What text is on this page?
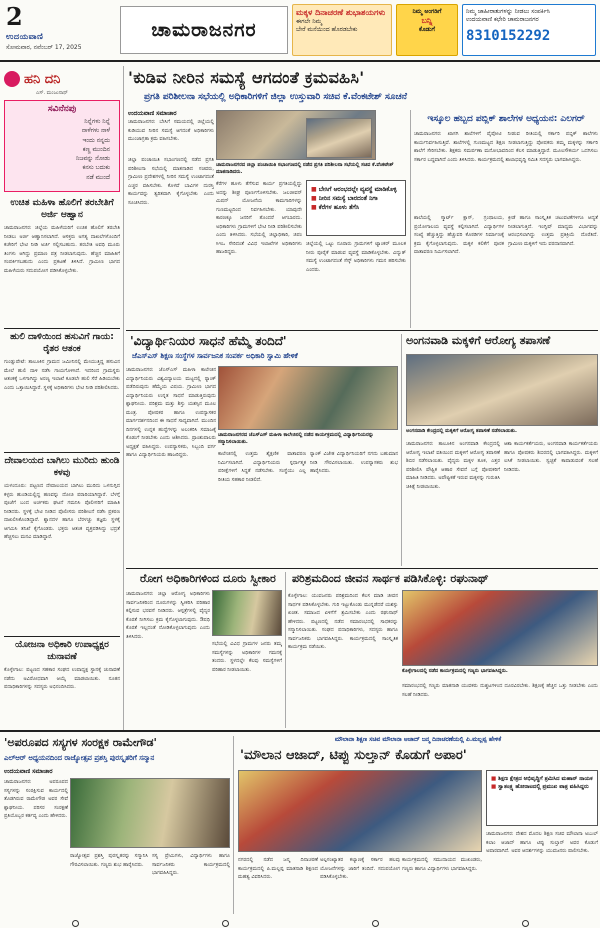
2
ಉದಯವಾಣಿ
ಸೋಮವಾರ, ನವೆಂಬರ್ 17, 2025
ಚಾಮರಾಜನಗರ
ಮಕ್ಕಳ ದಿನಾಚರಣೆ ಶುಭಾಶಯಗಳು
ಈಗಲೇ ನಿಮ್ಮ
ಬೇರೆ ಮನೆಯಿಂದ ಹೊರಡಬೇಕು
ನಿಮ್ಮ ಅಂಗಡಿಗೆ
ಬನ್ನಿ
ಕೊಡುಗೆ
ನಿಮ್ಮ ಜಾಹೀರಾತುಗಳನ್ನು ನೀಡಲು ಸಂಪರ್ಕಿಸಿ
ಉದಯವಾಣಿ ಕಛೇರಿ ಚಾಮರಾಜನಗರ
8310152292
ಹನಿ ದನಿ
ಎಸ್. ಮಂಜುನಾಥ್
ಸವಿನೆನಪು
ನಿನ್ನೆಗಳು ನಿನ್ನೆ
ನಾಳೆಗಳು ನಾಳೆ
ಇಂದು ನನ್ನದು
ಕಣ್ಣ ಮುಂದಿನ
ನಿಜವನ್ನು ನೋಡು
ಕನಸು ಬದುಕು
ನಡೆ ಮುಂದೆ
ಉಚಿತ ಮಹಿಳಾ ಹೊಲಿಗೆ ತರಬೇತಿಗೆ ಅರ್ಜಿ ಆಹ್ವಾನ
ಚಾಮರಾಜನಗರ: ಜಿಲ್ಲೆಯ ಮಹಿಳೆಯರಿಗೆ ಉಚಿತ ಹೊಲಿಗೆ ತರಬೇತಿ ನೀಡಲು ಅರ್ಜಿ ಆಹ್ವಾನಿಸಲಾಗಿದೆ. ಆಸಕ್ತರು ಅಗತ್ಯ ದಾಖಲೆಗಳೊಂದಿಗೆ ಕಚೇರಿಗೆ ಭೇಟಿ ನೀಡಿ ಅರ್ಜಿ ಸಲ್ಲಿಸಬಹುದು. ತರಬೇತಿ ಅವಧಿ ಮೂರು ತಿಂಗಳು ಆಗಿದ್ದು ಪ್ರಮಾಣ ಪತ್ರ ನೀಡಲಾಗುವುದು. ಹೆಚ್ಚಿನ ಮಾಹಿತಿಗೆ ಸಂಪರ್ಕಿಸಬಹುದು ಎಂದು ಪ್ರಕಟಣೆ ತಿಳಿಸಿದೆ. ಗ್ರಾಮೀಣ ಭಾಗದ ಮಹಿಳೆಯರು ಸದುಪಯೋಗ ಪಡಿಸಿಕೊಳ್ಳಬೇಕು.
ಹುಲಿ ದಾಳಿಯಿಂದ ಹಸುವಿಗೆ ಗಾಯ: ರೈತರ ಆತಂಕ
ಗುಂಡ್ಲುಪೇಟೆ: ತಾಲೂಕಿನ ಗ್ರಾಮದ ಜಮೀನಿನಲ್ಲಿ ಮೇಯುತ್ತಿದ್ದ ಹಸುವಿನ ಮೇಲೆ ಹುಲಿ ದಾಳಿ ನಡೆಸಿ ಗಾಯಗೊಳಿಸಿದೆ. ಇದರಿಂದ ಗ್ರಾಮಸ್ಥರು ಆತಂಕಕ್ಕೆ ಒಳಗಾಗಿದ್ದು ಅರಣ್ಯ ಇಲಾಖೆ ಕೂಡಲೇ ಹುಲಿ ಸೆರೆ ಹಿಡಿಯಬೇಕು ಎಂದು ಒತ್ತಾಯಿಸಿದ್ದಾರೆ. ಸ್ಥಳಕ್ಕೆ ಅಧಿಕಾರಿಗಳು ಭೇಟಿ ನೀಡಿ ಪರಿಶೀಲಿಸಿದರು.
ದೇವಾಲಯದ ಬಾಗಿಲು ಮುರಿದು ಹುಂಡಿ ಕಳವು
ಯಳಂದೂರು: ಪಟ್ಟಣದ ದೇವಾಲಯದ ಬಾಗಿಲು ಮುರಿದು ಒಳನುಗ್ಗಿದ ಕಳ್ಳರು ಹುಂಡಿಯಲ್ಲಿದ್ದ ಹಣವನ್ನು ದೋಚಿ ಪರಾರಿಯಾಗಿದ್ದಾರೆ. ಬೆಳಗ್ಗೆ ಪೂಜೆಗೆ ಬಂದ ಅರ್ಚಕರು ಘಟನೆ ಗಮನಿಸಿ ಪೊಲೀಸರಿಗೆ ಮಾಹಿತಿ ನೀಡಿದರು. ಸ್ಥಳಕ್ಕೆ ಭೇಟಿ ನೀಡಿದ ಪೊಲೀಸರು ಪರಿಶೀಲನೆ ನಡೆಸಿ ಪ್ರಕರಣ ದಾಖಲಿಸಿಕೊಂಡಿದ್ದಾರೆ. ಶ್ವಾನದಳ ಹಾಗೂ ಬೆರಳಚ್ಚು ತಜ್ಞರು ಸ್ಥಳಕ್ಕೆ ಆಗಮಿಸಿ ತನಿಖೆ ಕೈಗೊಂಡರು. ಭಕ್ತರು ಆತಂಕ ವ್ಯಕ್ತಪಡಿಸಿದ್ದು ಭದ್ರತೆ ಹೆಚ್ಚಿಸಲು ಮನವಿ ಮಾಡಿದ್ದಾರೆ.
ಯೋಜನಾ ಅಧಿಕಾರಿ ಉಪಾಧ್ಯಕ್ಷರ ಚುನಾವಣೆ
ಕೊಳ್ಳೇಗಾಲ: ಪಟ್ಟಣದ ಸಹಕಾರ ಸಂಘದ ಉಪಾಧ್ಯಕ್ಷ ಸ್ಥಾನಕ್ಕೆ ಚುನಾವಣೆ ನಡೆದು ಅವಿರೋಧವಾಗಿ ಆಯ್ಕೆ ಮಾಡಲಾಯಿತು. ನೂತನ ಪದಾಧಿಕಾರಿಗಳನ್ನು ಸದಸ್ಯರು ಅಭಿನಂದಿಸಿದರು.
'ಕುಡಿವ ನೀರಿನ ಸಮಸ್ಯೆ ಆಗದಂತೆ ಕ್ರಮವಹಿಸಿ'
ಪ್ರಗತಿ ಪರಿಶೀಲನಾ ಸಭೆಯಲ್ಲಿ ಅಧಿಕಾರಿಗಳಿಗೆ ಜಿಲ್ಲಾ ಉಸ್ತುವಾರಿ ಸಚಿವ ಕೆ.ವೆಂಕಟೇಶ್ ಸೂಚನೆ
ಉದಯವಾಣಿ ಸಮಾಚಾರ
ಚಾಮರಾಜನಗರ: ಬೇಸಿಗೆ ಸಮಯದಲ್ಲಿ ಜಿಲ್ಲೆಯಲ್ಲಿ ಕುಡಿಯುವ ನೀರಿನ ಸಮಸ್ಯೆ ಆಗದಂತೆ ಅಧಿಕಾರಿಗಳು ಮುಂಜಾಗ್ರತಾ ಕ್ರಮ ವಹಿಸಬೇಕು.
ಜಿಲ್ಲಾ ಪಂಚಾಯಿತಿ ಸಭಾಂಗಣದಲ್ಲಿ ನಡೆದ ಪ್ರಗತಿ ಪರಿಶೀಲನಾ ಸಭೆಯಲ್ಲಿ ಮಾತನಾಡಿದ ಸಚಿವರು, ಗ್ರಾಮೀಣ ಪ್ರದೇಶಗಳಲ್ಲಿ ನೀರಿನ ಸಮಸ್ಯೆ ಉಂಟಾಗದಂತೆ ಎಚ್ಚರ ವಹಿಸಬೇಕು. ಕೊಳವೆ ಬಾವಿಗಳ ದುರಸ್ತಿ ಕಾರ್ಯವನ್ನು ತ್ವರಿತವಾಗಿ ಕೈಗೊಳ್ಳಬೇಕು ಎಂದು ಸೂಚಿಸಿದರು.
ಚಾಮರಾಜನಗರದ ಜಿಲ್ಲಾ ಪಂಚಾಯಿತಿ ಸಭಾಂಗಣದಲ್ಲಿ ನಡೆದ ಪ್ರಗತಿ ಪರಿಶೀಲನಾ ಸಭೆಯಲ್ಲಿ ಸಚಿವ ಕೆ.ವೆಂಕಟೇಶ್ ಮಾತನಾಡಿದರು.
ಕೆರೆಗಳ ಹೂಳು ತೆಗೆಸುವ ಕಾರ್ಯ ಪ್ರಗತಿಯಲ್ಲಿದ್ದು ಅದನ್ನು ಶೀಘ್ರ ಪೂರ್ಣಗೊಳಿಸಬೇಕು. ಜಲಜೀವನ್ ಮಿಷನ್ ಯೋಜನೆಯ ಕಾಮಗಾರಿಗಳನ್ನು ಗುಣಮಟ್ಟದಿಂದ ನಿರ್ವಹಿಸಬೇಕು. ಯಾವುದೇ ಕಾರಣಕ್ಕೂ ಜನರಿಗೆ ತೊಂದರೆ ಆಗಬಾರದು. ಅಧಿಕಾರಿಗಳು ಗ್ರಾಮಗಳಿಗೆ ಭೇಟಿ ನೀಡಿ ಪರಿಶೀಲಿಸಬೇಕು ಎಂದು ತಿಳಿಸಿದರು. ಸಭೆಯಲ್ಲಿ ಜಿಲ್ಲಾಧಿಕಾರಿ, ಜಿಪಂ ಸಿಇಒ ಸೇರಿದಂತೆ ವಿವಿಧ ಇಲಾಖೆಗಳ ಅಧಿಕಾರಿಗಳು ಹಾಜರಿದ್ದರು.
■ ಬೇಸಿಗೆ ಆರಂಭದಲ್ಲೇ ವ್ಯವಸ್ಥೆ ಮಾಡಿಕೊಳ್ಳಿ
■ ನೀರಿನ ಸಮಸ್ಯೆ ಬಾರದಂತೆ ನಿಗಾ
■ ಕೆರೆಗಳ ಹೂಳು ತೆಗೆಸಿ
ಜಿಲ್ಲೆಯಲ್ಲಿ ಒಟ್ಟು ನೂರಾರು ಗ್ರಾಮಗಳಿಗೆ ಟ್ಯಾಂಕರ್ ಮೂಲಕ ನೀರು ಪೂರೈಕೆ ಮಾಡುವ ವ್ಯವಸ್ಥೆ ಮಾಡಿಕೊಳ್ಳಬೇಕು. ವಿದ್ಯುತ್ ಸಮಸ್ಯೆ ಉಂಟಾಗದಂತೆ ಸೆಸ್ಕ್ ಅಧಿಕಾರಿಗಳು ಗಮನ ಹರಿಸಬೇಕು ಎಂದರು.
ಇಸ್ಕೂಲ ಹಬ್ಬದ ಪಬ್ಲಿಕ್ ಶಾಲೆಗಳ ಅಧ್ಯಯನ: ಎಲಗರ್
ಚಾಮರಾಜನಗರ: ಖಾಸಗಿ ಶಾಲೆಗಳಿಗೆ ಪೈಪೋಟಿ ನೀಡುವ ರೀತಿಯಲ್ಲಿ ಸರ್ಕಾರಿ ಪಬ್ಲಿಕ್ ಶಾಲೆಗಳು ಕಾರ್ಯನಿರ್ವಹಿಸುತ್ತಿವೆ. ಶಾಲೆಗಳಲ್ಲಿ ಗುಣಮಟ್ಟದ ಶಿಕ್ಷಣ ನೀಡಲಾಗುತ್ತಿದ್ದು ಪೋಷಕರು ತಮ್ಮ ಮಕ್ಕಳನ್ನು ಸರ್ಕಾರಿ ಶಾಲೆಗೆ ಸೇರಿಸಬೇಕು. ಶಿಕ್ಷಕರು ಸಮರ್ಪಣಾ ಮನೋಭಾವದಿಂದ ಕೆಲಸ ಮಾಡುತ್ತಿದ್ದಾರೆ. ಮೂಲಸೌಕರ್ಯ ಒದಗಿಸಲು ಸರ್ಕಾರ ಬದ್ಧವಾಗಿದೆ ಎಂದು ತಿಳಿಸಿದರು. ಕಾರ್ಯಕ್ರಮದಲ್ಲಿ ಶಾಲಾಭಿವೃದ್ಧಿ ಸಮಿತಿ ಸದಸ್ಯರು ಭಾಗವಹಿಸಿದ್ದರು.
ಶಾಲೆಯಲ್ಲಿ ಸ್ಮಾರ್ಟ್ ಕ್ಲಾಸ್, ಗ್ರಂಥಾಲಯ, ಪ್ರಯೋಗಾಲಯ ವ್ಯವಸ್ಥೆ ಕಲ್ಪಿಸಲಾಗಿದೆ. ವಿದ್ಯಾರ್ಥಿಗಳ ಸಂಖ್ಯೆ ಹೆಚ್ಚುತ್ತಿದ್ದು ಹೆಚ್ಚುವರಿ ಕೊಠಡಿಗಳ ನಿರ್ಮಾಣಕ್ಕೆ ಕ್ರಮ ಕೈಗೊಳ್ಳಲಾಗುವುದು. ಮಕ್ಕಳ ಕಲಿಕೆಗೆ ಪೂರಕ ವಾತಾವರಣ ನಿರ್ಮಿಸಲಾಗಿದೆ.
ಕ್ರೀಡೆ ಹಾಗೂ ಸಾಂಸ್ಕೃತಿಕ ಚಟುವಟಿಕೆಗಳಿಗೂ ಆದ್ಯತೆ ನೀಡಲಾಗುತ್ತಿದೆ. ಇಂಗ್ಲಿಷ್ ಮಾಧ್ಯಮ ವಿಭಾಗವನ್ನು ಆರಂಭಿಸಲಾಗಿದ್ದು ಉತ್ತಮ ಪ್ರತಿಕ್ರಿಯೆ ದೊರೆತಿದೆ. ಗ್ರಾಮೀಣ ಮಕ್ಕಳಿಗೆ ಇದು ವರದಾನವಾಗಿದೆ.
'ವಿದ್ಯಾರ್ಥಿನಿಯರ ಸಾಧನೆ ಹೆಮ್ಮೆ ತಂದಿದೆ'
ಜೆಎಸ್ಎಸ್ ಶಿಕ್ಷಣ ಸಂಸ್ಥೆಗಳ ಸಾರ್ವಜನಿಕ ಸಂಪರ್ಕ ಅಧಿಕಾರಿ ಸ್ವಾಮಿ ಹೇಳಿಕೆ
ಚಾಮರಾಜನಗರ: ಜೆಎಸ್ಎಸ್ ಮಹಿಳಾ ಕಾಲೇಜಿನ ವಿದ್ಯಾರ್ಥಿನಿಯರು ವಿಶ್ವವಿದ್ಯಾಲಯ ಮಟ್ಟದಲ್ಲಿ ರ್‍ಯಾಂಕ್ ಪಡೆದಿರುವುದು ಹೆಮ್ಮೆಯ ವಿಷಯ. ಗ್ರಾಮೀಣ ಭಾಗದ ವಿದ್ಯಾರ್ಥಿನಿಯರು ಉನ್ನತ ಸಾಧನೆ ಮಾಡುತ್ತಿರುವುದು ಶ್ಲಾಘನೀಯ. ಪರಿಶ್ರಮ ಮತ್ತು ಶಿಸ್ತು ಯಶಸ್ಸಿನ ಮೂಲ ಮಂತ್ರ. ಪೋಷಕರ ಹಾಗೂ ಉಪನ್ಯಾಸಕರ ಮಾರ್ಗದರ್ಶನದಿಂದ ಈ ಸಾಧನೆ ಸಾಧ್ಯವಾಗಿದೆ. ಮುಂದಿನ ದಿನಗಳಲ್ಲಿ ಉನ್ನತ ಹುದ್ದೆಗಳನ್ನು ಅಲಂಕರಿಸಿ ಸಮಾಜಕ್ಕೆ ಕೊಡುಗೆ ನೀಡಬೇಕು ಎಂದು ಆಶಿಸಿದರು. ಪ್ರಾಂಶುಪಾಲರು ಅಧ್ಯಕ್ಷತೆ ವಹಿಸಿದ್ದರು. ಉಪನ್ಯಾಸಕರು, ಸಿಬ್ಬಂದಿ ವರ್ಗ ಹಾಗೂ ವಿದ್ಯಾರ್ಥಿನಿಯರು ಹಾಜರಿದ್ದರು.
ಚಾಮರಾಜನಗರದ ಜೆಎಸ್ಎಸ್ ಮಹಿಳಾ ಕಾಲೇಜಿನಲ್ಲಿ ನಡೆದ ಕಾರ್ಯಕ್ರಮದಲ್ಲಿ ವಿದ್ಯಾರ್ಥಿನಿಯರನ್ನು ಸನ್ಮಾನಿಸಲಾಯಿತು.
ಕಾಲೇಜಿನಲ್ಲಿ ಉತ್ತಮ ಶೈಕ್ಷಣಿಕ ವಾತಾವರಣ ನಿರ್ಮಿಸಲಾಗಿದೆ. ವಿದ್ಯಾರ್ಥಿನಿಯರು ಸ್ಪರ್ಧಾತ್ಮಕ ಪರೀಕ್ಷೆಗಳಿಗೆ ಸಿದ್ಧತೆ ನಡೆಸಬೇಕು. ಸಂಸ್ಥೆಯು ಎಲ್ಲ ರೀತಿಯ ಸಹಕಾರ ನೀಡಲಿದೆ.
ರ್‍ಯಾಂಕ್ ವಿಜೇತ ವಿದ್ಯಾರ್ಥಿನಿಯರಿಗೆ ನಗದು ಬಹುಮಾನ ನೀಡಿ ಗೌರವಿಸಲಾಯಿತು. ಉಪನ್ಯಾಸಕರು ಶುಭ ಹಾರೈಸಿದರು.
ಅಂಗನವಾಡಿ ಮಕ್ಕಳಿಗೆ ಆರೋಗ್ಯ ತಪಾಸಣೆ
ಅಂಗನವಾಡಿ ಕೇಂದ್ರದಲ್ಲಿ ಮಕ್ಕಳಿಗೆ ಆರೋಗ್ಯ ತಪಾಸಣೆ ನಡೆಸಲಾಯಿತು.
ಚಾಮರಾಜನಗರ: ತಾಲೂಕಿನ ಅಂಗನವಾಡಿ ಕೇಂದ್ರದಲ್ಲಿ ಆರೋಗ್ಯ ಇಲಾಖೆ ವತಿಯಿಂದ ಮಕ್ಕಳಿಗೆ ಆರೋಗ್ಯ ತಪಾಸಣೆ ಶಿಬಿರ ನಡೆಸಲಾಯಿತು. ವೈದ್ಯರು ಮಕ್ಕಳ ತೂಕ, ಎತ್ತರ ಪರಿಶೀಲಿಸಿ ಪೌಷ್ಟಿಕ ಆಹಾರ ಸೇವನೆ ಬಗ್ಗೆ ಪೋಷಕರಿಗೆ ಮಾಹಿತಿ ನೀಡಿದರು. ಅಪೌಷ್ಟಿಕತೆ ಇರುವ ಮಕ್ಕಳನ್ನು ಗುರುತಿಸಿ ಚಿಕಿತ್ಸೆ ನೀಡಲಾಯಿತು.
ಆಶಾ ಕಾರ್ಯಕರ್ತೆಯರು, ಅಂಗನವಾಡಿ ಕಾರ್ಯಕರ್ತೆಯರು ಹಾಗೂ ಪೋಷಕರು ಶಿಬಿರದಲ್ಲಿ ಭಾಗವಹಿಸಿದ್ದರು. ಮಕ್ಕಳಿಗೆ ಲಸಿಕೆ ನೀಡಲಾಯಿತು. ಸ್ವಚ್ಛತೆ ಕಾಪಾಡುವಂತೆ ಸಲಹೆ ನೀಡಿದರು.
ರೋಗ ಅಧಿಕಾರಿಗಳಿಂದ ದೂರು ಸ್ವೀಕಾರ
ಚಾಮರಾಜನಗರ: ಜಿಲ್ಲಾ ಆರೋಗ್ಯ ಅಧಿಕಾರಿಗಳು ಸಾರ್ವಜನಿಕರಿಂದ ದೂರುಗಳನ್ನು ಸ್ವೀಕರಿಸಿ ಪರಿಹಾರ ಕಲ್ಪಿಸುವ ಭರವಸೆ ನೀಡಿದರು. ಆಸ್ಪತ್ರೆಗಳಲ್ಲಿ ವೈದ್ಯರ ಕೊರತೆ ನೀಗಿಸಲು ಕ್ರಮ ಕೈಗೊಳ್ಳಲಾಗುವುದು. ಔಷಧಿ ಕೊರತೆ ಇಲ್ಲದಂತೆ ನೋಡಿಕೊಳ್ಳಲಾಗುವುದು ಎಂದು ತಿಳಿಸಿದರು.
ಸಭೆಯಲ್ಲಿ ವಿವಿಧ ಗ್ರಾಮಗಳ ಜನರು ತಮ್ಮ ಸಮಸ್ಯೆಗಳನ್ನು ಅಧಿಕಾರಿಗಳ ಗಮನಕ್ಕೆ ತಂದರು. ಸ್ಥಳದಲ್ಲೇ ಕೆಲವು ಸಮಸ್ಯೆಗಳಿಗೆ ಪರಿಹಾರ ನೀಡಲಾಯಿತು.
ಪರಿಶ್ರಮದಿಂದ ಜೀವನ ಸಾರ್ಥಕ ಪಡಿಸಿಕೊಳ್ಳಿ: ರಘುನಾಥ್
ಕೊಳ್ಳೇಗಾಲ: ಯುವಜನರು ಪರಿಶ್ರಮದಿಂದ ಕೆಲಸ ಮಾಡಿ ಜೀವನ ಸಾರ್ಥಕ ಪಡಿಸಿಕೊಳ್ಳಬೇಕು. ಗುರಿ ಇಟ್ಟುಕೊಂಡು ಮುನ್ನಡೆದರೆ ಯಶಸ್ಸು ಖಚಿತ. ಸಮಾಜದ ಏಳಿಗೆಗೆ ಶ್ರಮಿಸಬೇಕು ಎಂದು ರಘುನಾಥ್ ಹೇಳಿದರು. ಪಟ್ಟಣದಲ್ಲಿ ನಡೆದ ಸಮಾರಂಭದಲ್ಲಿ ಸಾಧಕರನ್ನು ಸನ್ಮಾನಿಸಲಾಯಿತು. ಸಂಘದ ಪದಾಧಿಕಾರಿಗಳು, ಸದಸ್ಯರು ಹಾಗೂ ಸಾರ್ವಜನಿಕರು ಭಾಗವಹಿಸಿದ್ದರು. ಕಾರ್ಯಕ್ರಮದಲ್ಲಿ ಸಾಂಸ್ಕೃತಿಕ ಕಾರ್ಯಕ್ರಮ ನಡೆಯಿತು.
ಕೊಳ್ಳೇಗಾಲದಲ್ಲಿ ನಡೆದ ಕಾರ್ಯಕ್ರಮದಲ್ಲಿ ಗಣ್ಯರು ಭಾಗವಹಿಸಿದ್ದರು.
ಸಮಾರಂಭದಲ್ಲಿ ಗಣ್ಯರು ಮಾತನಾಡಿ ಯುವಕರು ದುಶ್ಚಟಗಳಿಂದ ದೂರವಿರಬೇಕು. ಶಿಕ್ಷಣಕ್ಕೆ ಹೆಚ್ಚಿನ ಒತ್ತು ನೀಡಬೇಕು ಎಂದು ಸಲಹೆ ನೀಡಿದರು.
'ಅಪರೂಪದ ಸಸ್ಯಗಳ ಸಂರಕ್ಷಕ ರಾಮೇಗೌಡ'
ಎಲ್‌ಆರ್ ಅಧ್ಯಯನದಿಂದ ರಾಜ್ಯೋತ್ಸವ ಪ್ರಶಸ್ತಿ ಪುರಸ್ಕೃತರಿಗೆ ಸನ್ಮಾನ
ಉದಯವಾಣಿ ಸಮಾಚಾರ
ಚಾಮರಾಜನಗರ: ಅಪರೂಪದ ಸಸ್ಯಗಳನ್ನು ಸಂರಕ್ಷಿಸುವ ಕಾರ್ಯದಲ್ಲಿ ತೊಡಗಿರುವ ರಾಮೇಗೌಡ ಅವರ ಸೇವೆ ಶ್ಲಾಘನೀಯ. ಪರಿಸರ ಸಂರಕ್ಷಣೆ ಪ್ರತಿಯೊಬ್ಬರ ಕರ್ತವ್ಯ ಎಂದು ಹೇಳಿದರು.
ರಾಜ್ಯೋತ್ಸವ ಪ್ರಶಸ್ತಿ ಪುರಸ್ಕೃತರನ್ನು ಸನ್ಮಾನಿಸಿ ಗೌರವಿಸಲಾಯಿತು. ಗಣ್ಯರು ಶುಭ ಹಾರೈಸಿದರು.
ಸಸ್ಯ ಪ್ರೇಮಿಗಳು, ವಿದ್ಯಾರ್ಥಿಗಳು ಹಾಗೂ ಸಾರ್ವಜನಿಕರು ಕಾರ್ಯಕ್ರಮದಲ್ಲಿ ಭಾಗವಹಿಸಿದ್ದರು.
ಮೌಲಾನಾ ಶಿಕ್ಷಣ ಸಚಿವ ಮೌಲಾನಾ ಆಜಾದ್ ಜನ್ಮ ದಿನಾಚರಣೆಯಲ್ಲಿ ಪಿ.ಮಲ್ಲಪ್ಪ ಹೇಳಿಕೆ
'ಮೌಲಾನ ಆಜಾದ್, ಟಿಪ್ಪು ಸುಲ್ತಾನ್ ಕೊಡುಗೆ ಅಪಾರ'
■ ಶಿಕ್ಷಣ ಕ್ಷೇತ್ರದ ಅಭಿವೃದ್ಧಿಗೆ ಶ್ರಮಿಸಿದ ಮಹಾನ್ ನಾಯಕ
■ ಸ್ವಾತಂತ್ರ್ಯ ಹೋರಾಟದಲ್ಲಿ ಪ್ರಮುಖ ಪಾತ್ರ ವಹಿಸಿದ್ದರು
ಚಾಮರಾಜನಗರ: ದೇಶದ ಮೊದಲ ಶಿಕ್ಷಣ ಸಚಿವ ಮೌಲಾನಾ ಅಬುಲ್ ಕಲಾಂ ಆಜಾದ್ ಹಾಗೂ ಟಿಪ್ಪು ಸುಲ್ತಾನ್ ಅವರ ಕೊಡುಗೆ ಅಪಾರವಾಗಿದೆ. ಅವರ ಆದರ್ಶಗಳನ್ನು ಯುವಜನರು ಪಾಲಿಸಬೇಕು.
ನಗರದಲ್ಲಿ ನಡೆದ ಜನ್ಮ ದಿನಾಚರಣೆ ಕಾರ್ಯಕ್ರಮದಲ್ಲಿ ಪಿ.ಮಲ್ಲಪ್ಪ ಮಾತನಾಡಿ ಶಿಕ್ಷಣದ ಮಹತ್ವ ವಿವರಿಸಿದರು.
ಅಲ್ಪಸಂಖ್ಯಾತರ ಕಲ್ಯಾಣಕ್ಕೆ ಸರ್ಕಾರ ಹಲವು ಯೋಜನೆಗಳನ್ನು ಜಾರಿಗೆ ತಂದಿದೆ. ಸದುಪಯೋಗ ಪಡಿಸಿಕೊಳ್ಳಬೇಕು.
ಕಾರ್ಯಕ್ರಮದಲ್ಲಿ ಸಮುದಾಯದ ಮುಖಂಡರು, ಗಣ್ಯರು ಹಾಗೂ ವಿದ್ಯಾರ್ಥಿಗಳು ಭಾಗವಹಿಸಿದ್ದರು.
